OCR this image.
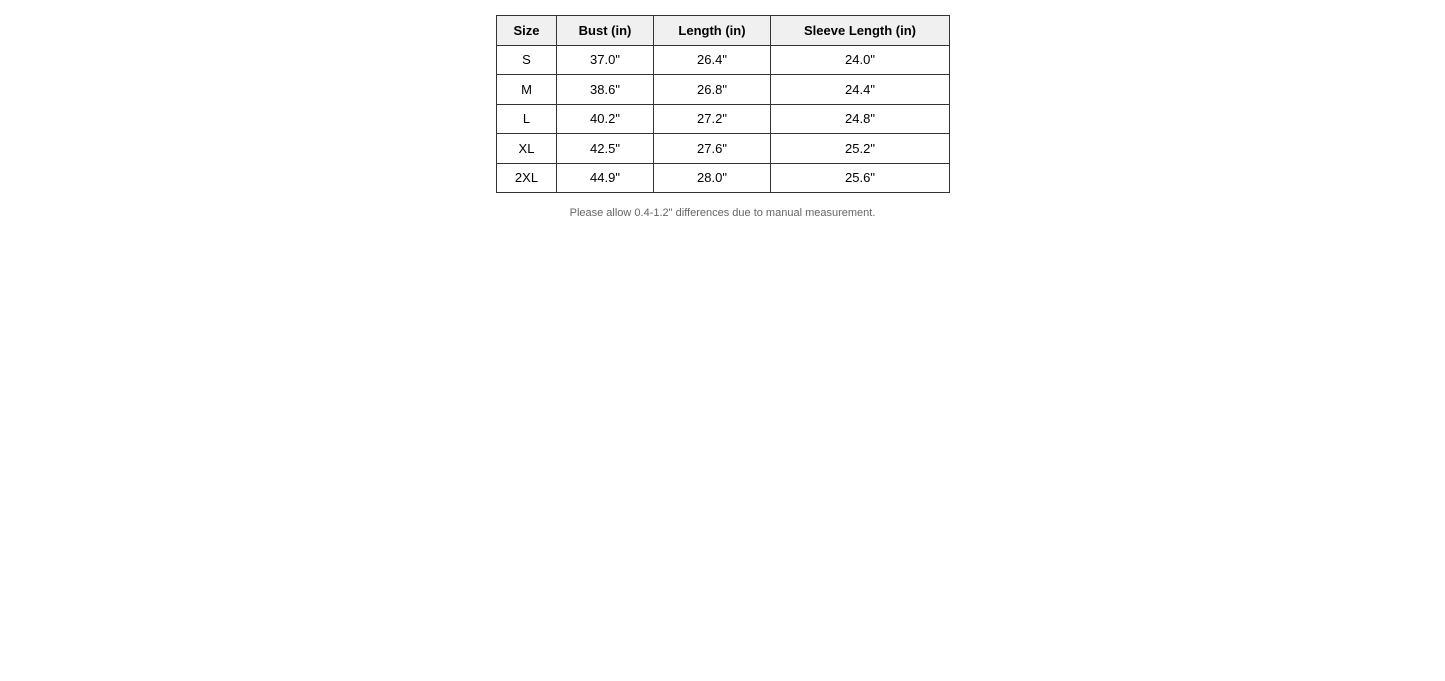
Size	Bust (in)	Length (in)	Sleeve Length (in)
S	37.0"	26.4"	24.0"
M	38.6"	26.8"	24.4"
L	40.2"	27.2"	24.8"
XL	42.5"	27.6"	25.2"
2XL	44.9"	28.0"	25.6"
Please allow 0.4-1.2" differences due to manual measurement.
